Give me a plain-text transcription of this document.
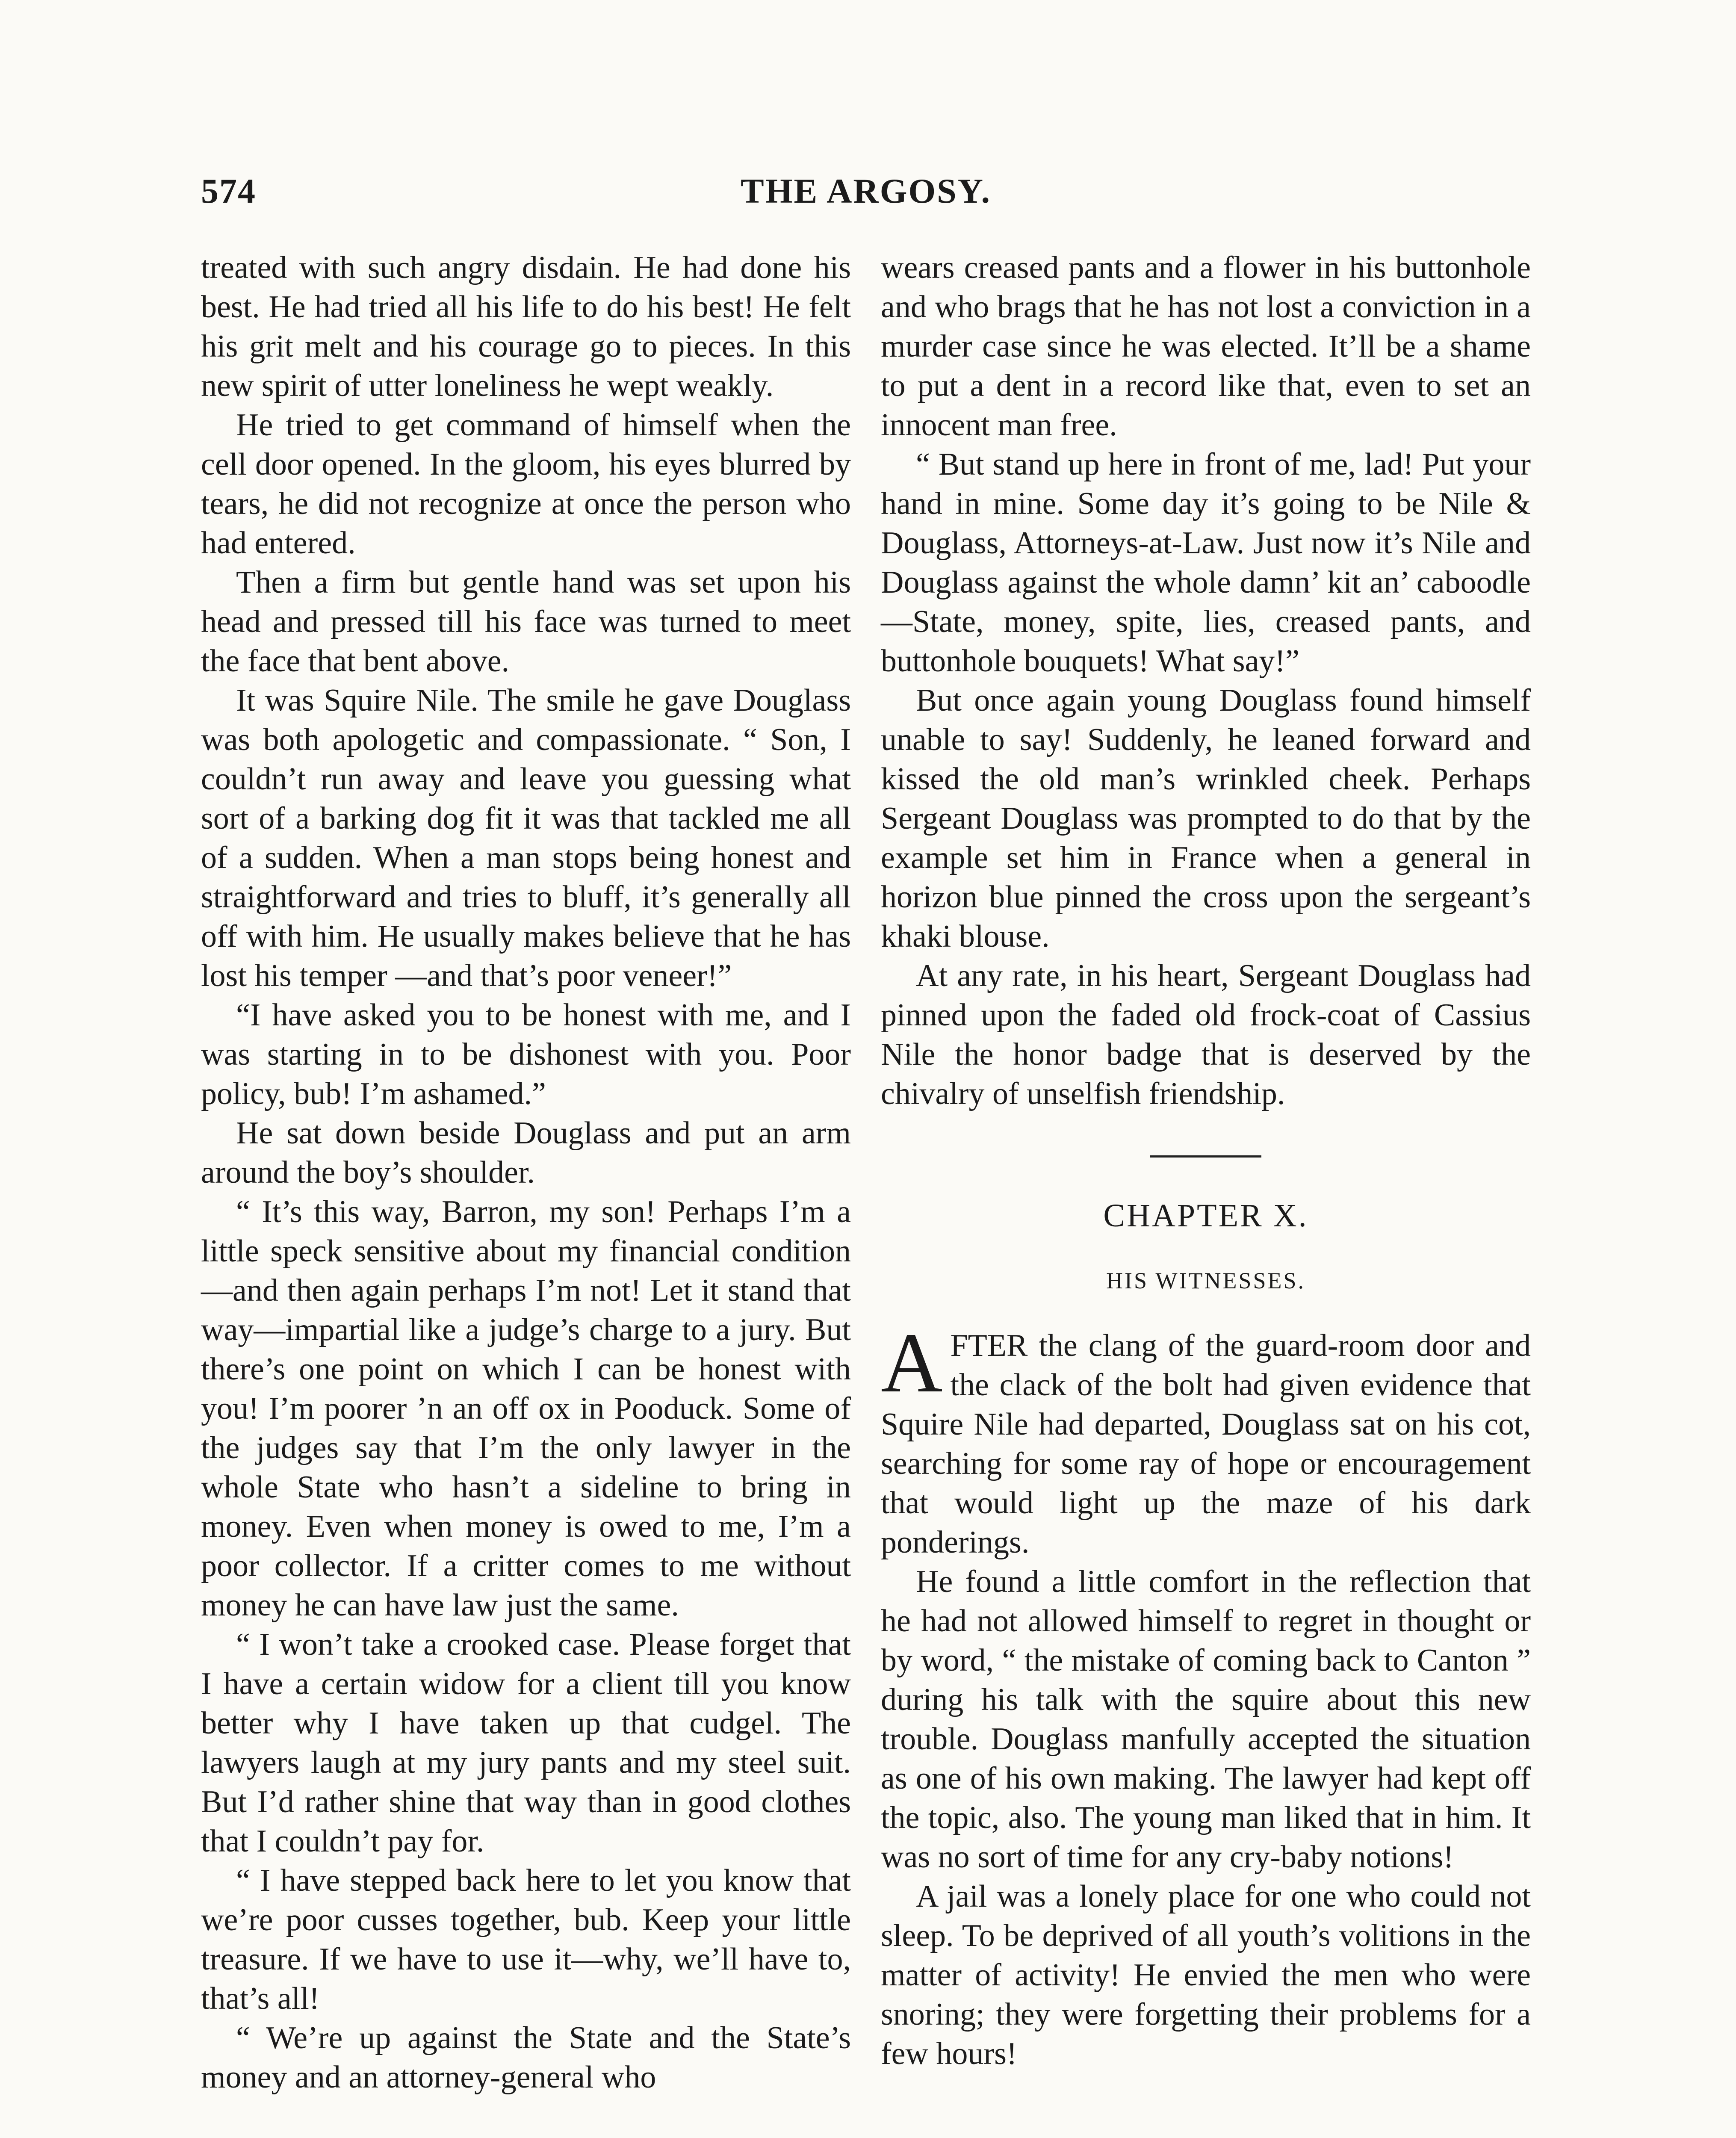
574	THE ARGOSY.

treated with such angry disdain. He had done his best. He had tried all his life to do his best! He felt his grit melt and his courage go to pieces. In this new spirit of utter loneliness he wept weakly.

He tried to get command of himself when the cell door opened. In the gloom, his eyes blurred by tears, he did not recognize at once the person who had entered.

Then a firm but gentle hand was set upon his head and pressed till his face was turned to meet the face that bent above.

It was Squire Nile. The smile he gave Douglass was both apologetic and compassionate. “ Son, I couldn’t run away and leave you guessing what sort of a barking dog fit it was that tackled me all of a sudden. When a man stops being honest and straightforward and tries to bluff, it’s generally all off with him. He usually makes believe that he has lost his temper —and that’s poor veneer!”

“I have asked you to be honest with me, and I was starting in to be dishonest with you. Poor policy, bub! I’m ashamed.”

He sat down beside Douglass and put an arm around the boy’s shoulder.

“ It’s this way, Barron, my son! Perhaps I’m a little speck sensitive about my financial condition—and then again perhaps I’m not! Let it stand that way—impartial like a judge’s charge to a jury. But there’s one point on which I can be honest with you! I’m poorer ’n an off ox in Pooduck. Some of the judges say that I’m the only lawyer in the whole State who hasn’t a sideline to bring in money. Even when money is owed to me, I’m a poor collector. If a critter comes to me without money he can have law just the same.

“ I won’t take a crooked case. Please forget that I have a certain widow for a client till you know better why I have taken up that cudgel. The lawyers laugh at my jury pants and my steel suit. But I’d rather shine that way than in good clothes that I couldn’t pay for.

“ I have stepped back here to let you know that we’re poor cusses together, bub. Keep your little treasure. If we have to use it—why, we’ll have to, that’s all!

“ We’re up against the State and the State’s money and an attorney-general who

wears creased pants and a flower in his buttonhole and who brags that he has not lost a conviction in a murder case since he was elected. It’ll be a shame to put a dent in a record like that, even to set an innocent man free.

“ But stand up here in front of me, lad! Put your hand in mine. Some day it’s going to be Nile & Douglass, Attorneys-at-Law. Just now it’s Nile and Douglass against the whole damn’ kit an’ caboodle—State, money, spite, lies, creased pants, and buttonhole bouquets! What say!”

But once again young Douglass found himself unable to say! Suddenly, he leaned forward and kissed the old man’s wrinkled cheek. Perhaps Sergeant Douglass was prompted to do that by the example set him in France when a general in horizon blue pinned the cross upon the sergeant’s khaki blouse.

At any rate, in his heart, Sergeant Douglass had pinned upon the faded old frock-coat of Cassius Nile the honor badge that is deserved by the chivalry of unselfish friendship.

CHAPTER X.
HIS WITNESSES.

AFTER the clang of the guard-room door and the clack of the bolt had given evidence that Squire Nile had departed, Douglass sat on his cot, searching for some ray of hope or encouragement that would light up the maze of his dark ponderings.

He found a little comfort in the reflection that he had not allowed himself to regret in thought or by word, “ the mistake of coming back to Canton ” during his talk with the squire about this new trouble. Douglass manfully accepted the situation as one of his own making. The lawyer had kept off the topic, also. The young man liked that in him. It was no sort of time for any cry-baby notions!

A jail was a lonely place for one who could not sleep. To be deprived of all youth’s volitions in the matter of activity! He envied the men who were snoring; they were forgetting their problems for a few hours!
